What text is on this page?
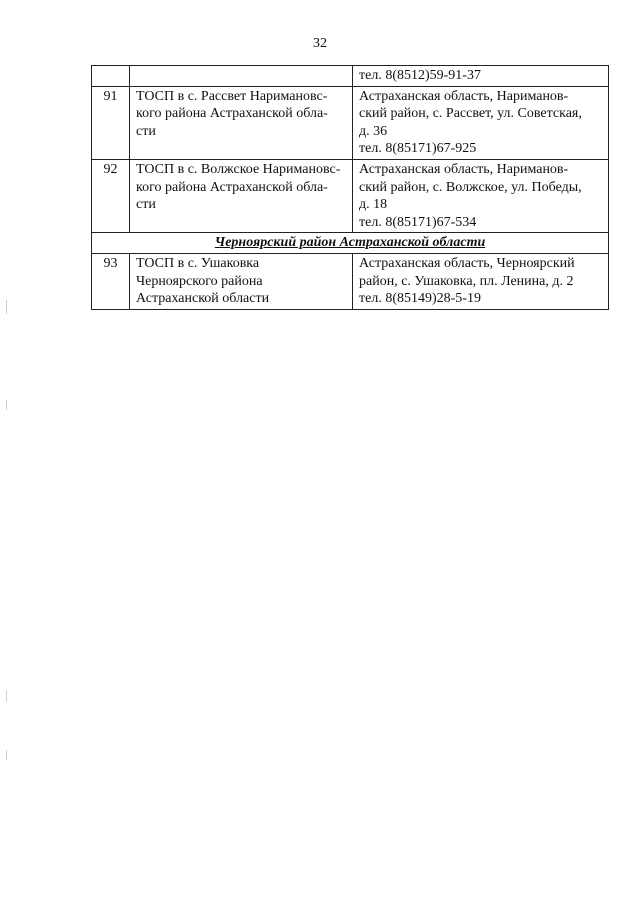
32

		тел. 8(8512)59-91-37

91	ТОСП в с. Рассвет Наримановс-
кого района Астраханской обла-
сти	Астраханская область, Нариманов-
ский район, с. Рассвет, ул. Советская,
д. 36
тел. 8(85171)67-925

92	ТОСП в с. Волжское Наримановс-
кого района Астраханской обла-
сти	Астраханская область, Нариманов-
ский район, с. Волжское, ул. Победы,
д. 18
тел. 8(85171)67-534

Черноярский район Астраханской области		
93	ТОСП в с. Ушаковка
Черноярского района
Астраханской области	Астраханская область, Черноярский
район, с. Ушаковка, пл. Ленина, д. 2
тел. 8(85149)28-5-19
